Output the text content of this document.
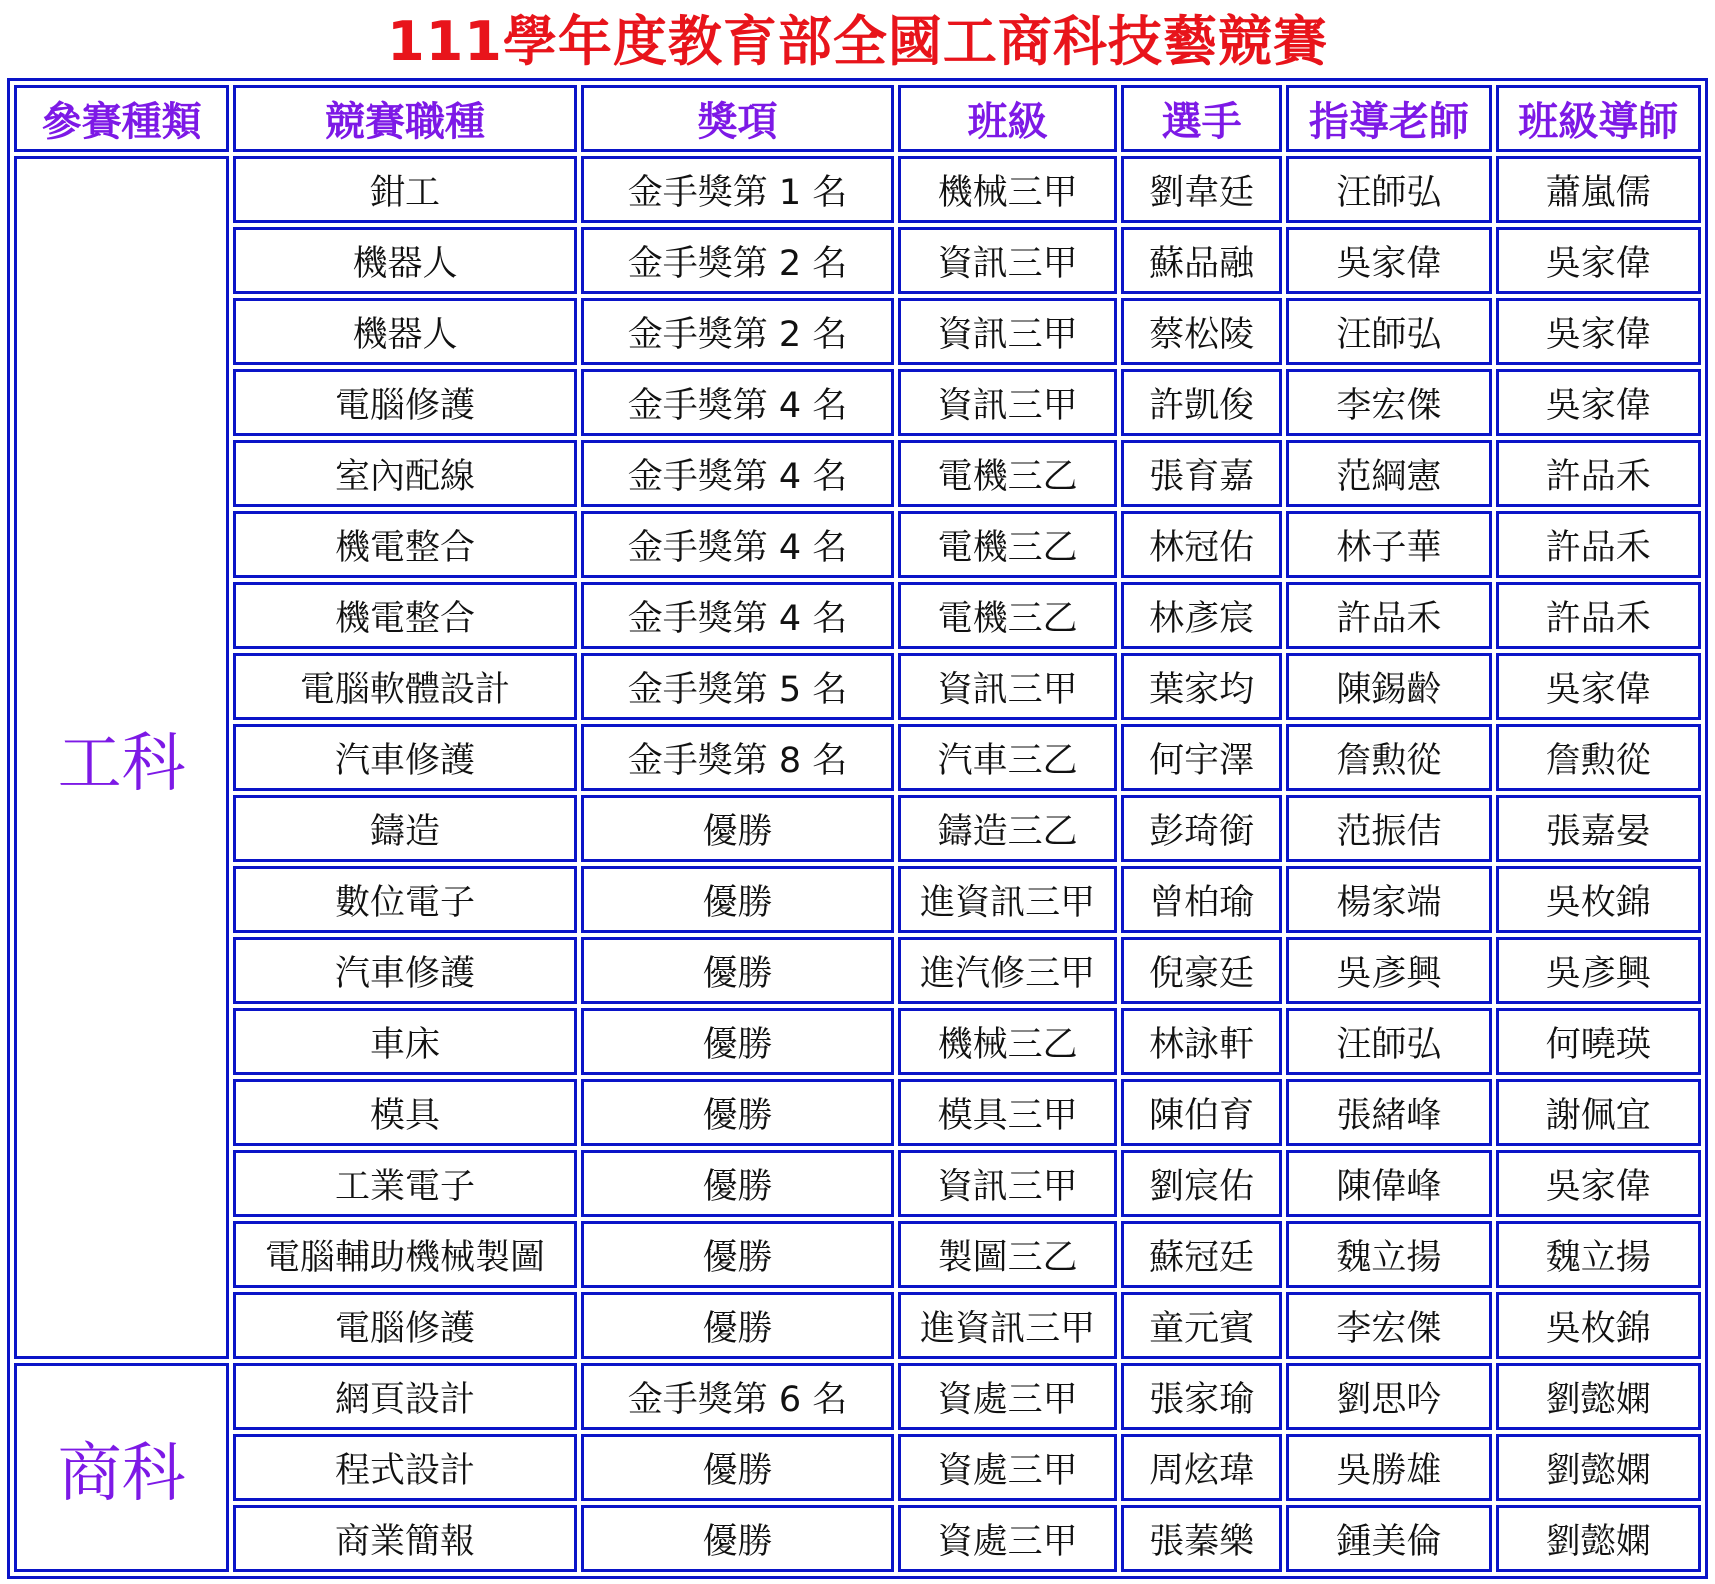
111學年度教育部全國工商科技藝競賽
參賽種類	競賽職種	獎項	班級	選手	指導老師	班級導師
工科	鉗工	金手獎第 1 名	機械三甲	劉韋廷	汪師弘	蕭嵐儒
	機器人	金手獎第 2 名	資訊三甲	蘇品融	吳家偉	吳家偉
	機器人	金手獎第 2 名	資訊三甲	蔡松陵	汪師弘	吳家偉
	電腦修護	金手獎第 4 名	資訊三甲	許凱俊	李宏傑	吳家偉
	室內配線	金手獎第 4 名	電機三乙	張育嘉	范綱憲	許品禾
	機電整合	金手獎第 4 名	電機三乙	林冠佑	林子華	許品禾
	機電整合	金手獎第 4 名	電機三乙	林彥宸	許品禾	許品禾
	電腦軟體設計	金手獎第 5 名	資訊三甲	葉家均	陳錫齡	吳家偉
	汽車修護	金手獎第 8 名	汽車三乙	何宇澤	詹勲從	詹勲從
	鑄造	優勝	鑄造三乙	彭琦銜	范振佶	張嘉晏
	數位電子	優勝	進資訊三甲	曾柏瑜	楊家端	吳枚錦
	汽車修護	優勝	進汽修三甲	倪豪廷	吳彥興	吳彥興
	車床	優勝	機械三乙	林詠軒	汪師弘	何曉瑛
	模具	優勝	模具三甲	陳伯育	張緒峰	謝佩宜
	工業電子	優勝	資訊三甲	劉宸佑	陳偉峰	吳家偉
	電腦輔助機械製圖	優勝	製圖三乙	蘇冠廷	魏立揚	魏立揚
	電腦修護	優勝	進資訊三甲	童元賓	李宏傑	吳枚錦
商科	網頁設計	金手獎第 6 名	資處三甲	張家瑜	劉思吟	劉懿嫻
	程式設計	優勝	資處三甲	周炫瑋	吳勝雄	劉懿嫻
	商業簡報	優勝	資處三甲	張蓁樂	鍾美倫	劉懿嫻
